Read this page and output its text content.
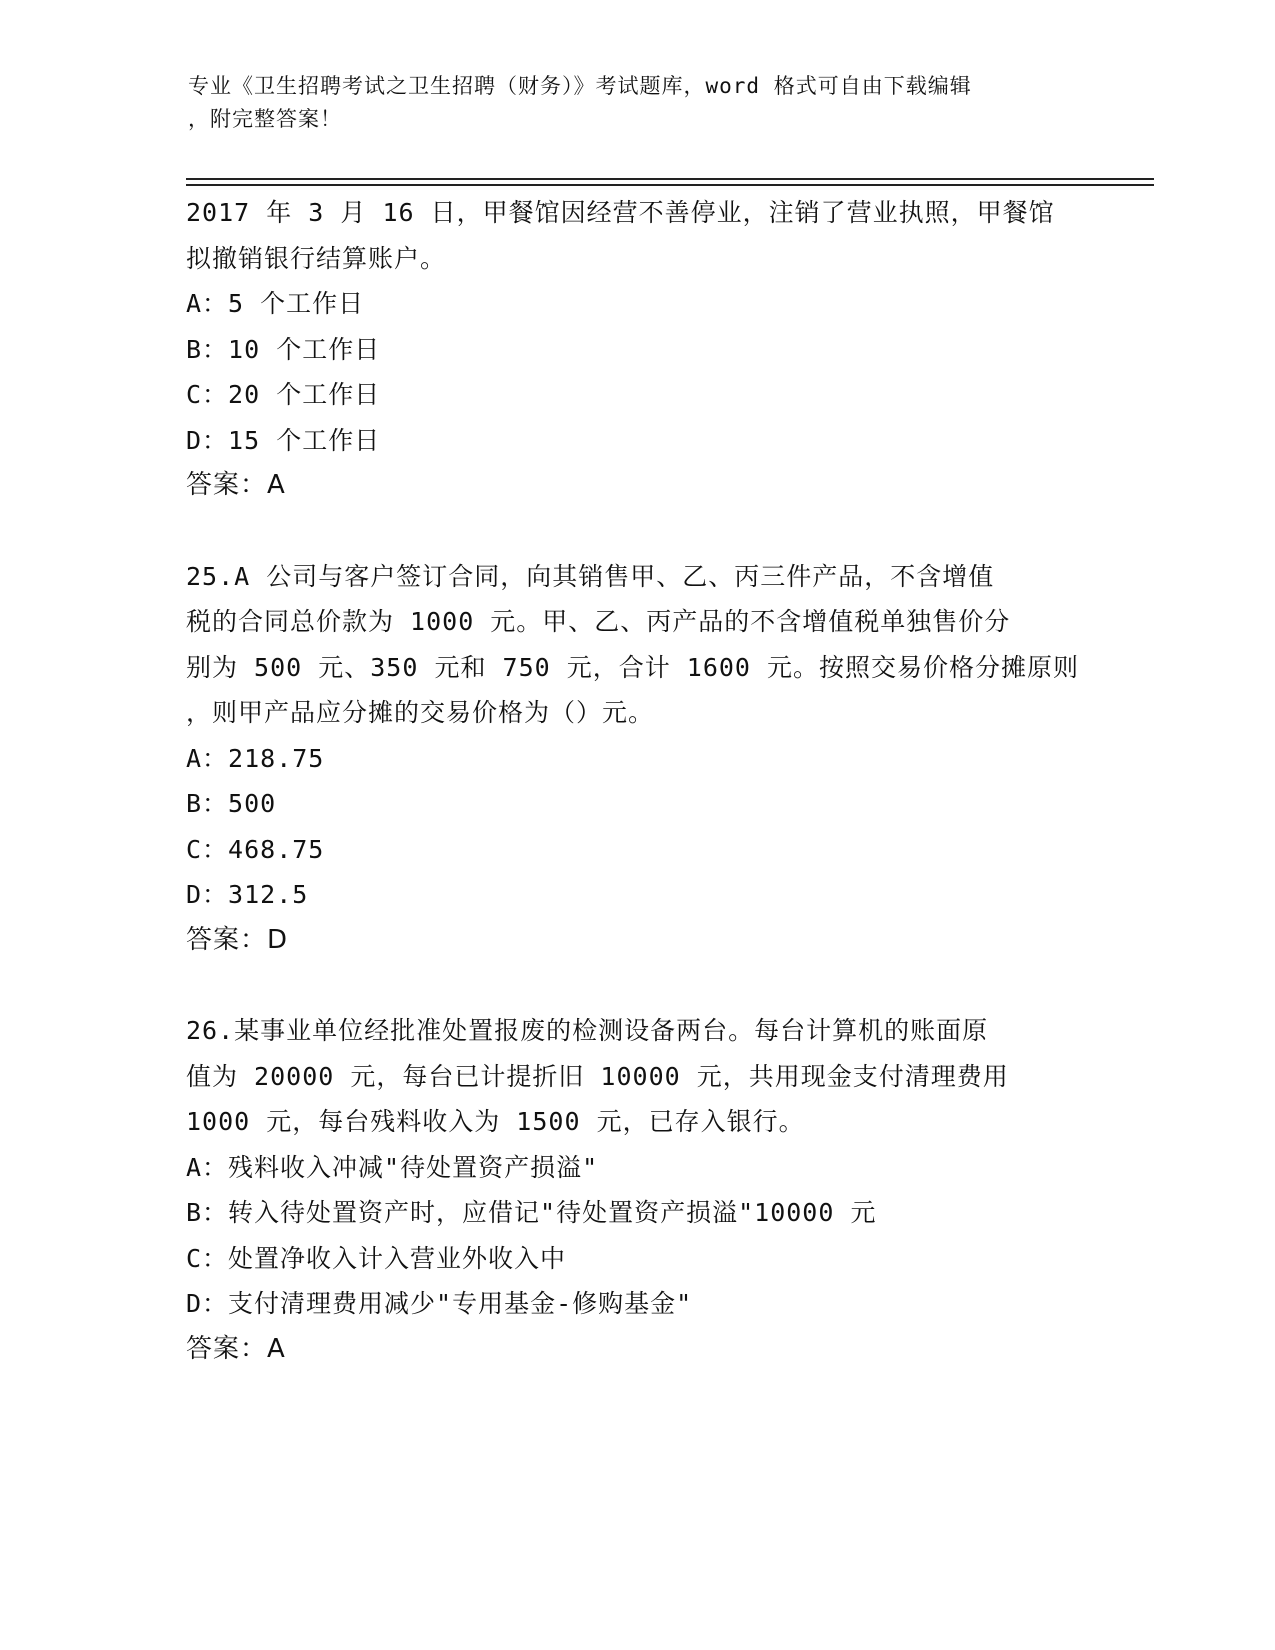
专业《卫生招聘考试之卫生招聘（财务）》考试题库，word 格式可自由下载编辑
，附完整答案！

2017 年 3 月 16 日，甲餐馆因经营不善停业，注销了营业执照，甲餐馆

拟撤销银行结算账户。

A：5 个工作日

B：10 个工作日

C：20 个工作日

D：15 个工作日

答案：A

25.A 公司与客户签订合同，向其销售甲、乙、丙三件产品，不含增值

税的合同总价款为 1000 元。甲、乙、丙产品的不含增值税单独售价分

别为 500 元、350 元和 750 元，合计 1600 元。按照交易价格分摊原则

，则甲产品应分摊的交易价格为（）元。

A：218.75

B：500

C：468.75

D：312.5

答案：D

26.某事业单位经批准处置报废的检测设备两台。每台计算机的账面原

值为 20000 元，每台已计提折旧 10000 元，共用现金支付清理费用

1000 元，每台残料收入为 1500 元，已存入银行。

A：残料收入冲减"待处置资产损溢"

B：转入待处置资产时，应借记"待处置资产损溢"10000 元

C：处置净收入计入营业外收入中

D：支付清理费用减少"专用基金-修购基金"

答案：A
